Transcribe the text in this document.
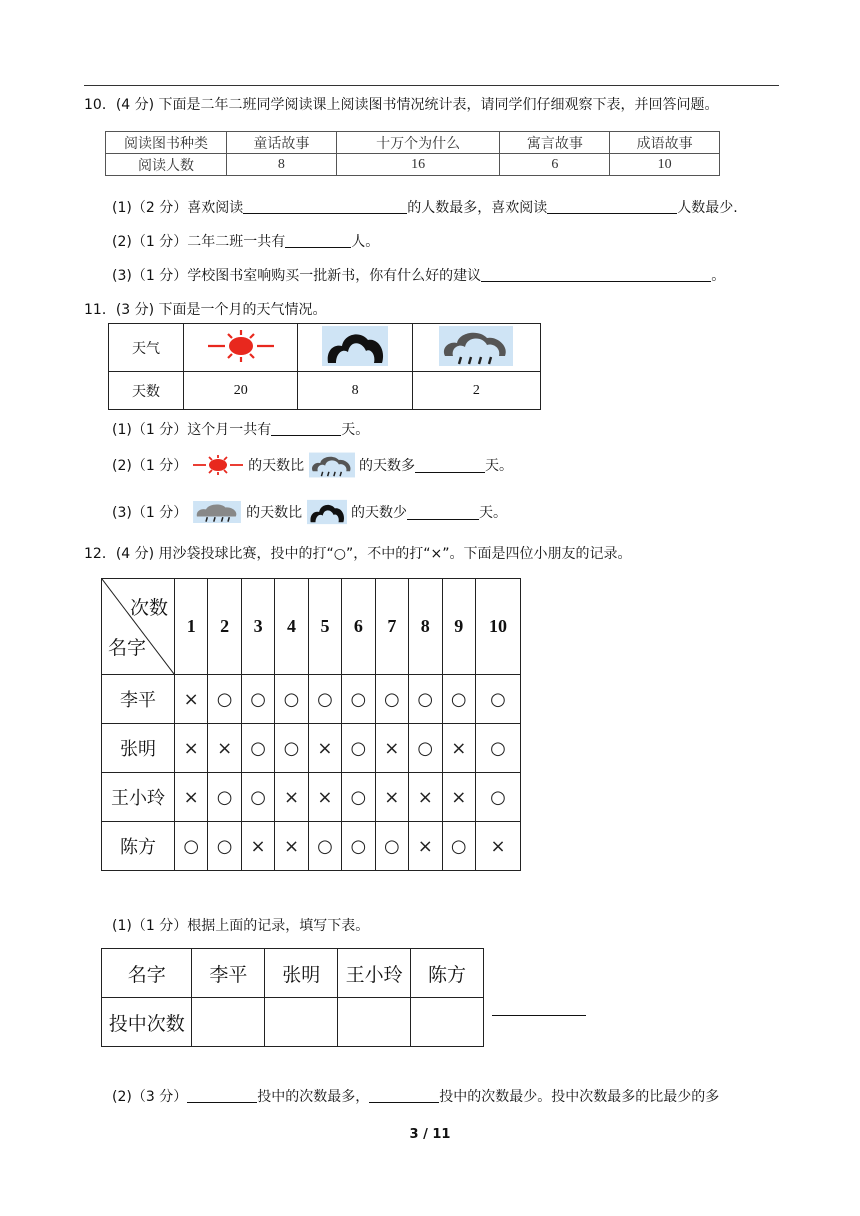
10．(4 分) 下面是二年二班同学阅读课上阅读图书情况统计表，请同学们仔细观察下表，并回答问题。
阅读图书种类	童话故事	十万个为什么	寓言故事	成语故事
阅读人数	8	16	6	10
(1)（2 分）喜欢阅读	的人数最多，喜欢阅读	人数最少.
(2)（1 分）二年二班一共有	人。
(3)（1 分）学校图书室响购买一批新书，你有什么好的建议	。
11．(3 分) 下面是一个月的天气情况。
天气			
天数	20	8	2
(1)（1 分）这个月一共有	天。
(2)（1 分）	的天数比	的天数多	天。
(3)（1 分）	的天数比	的天数少	天。
12．(4 分) 用沙袋投球比赛，投中的打“○”，不中的打“×”。下面是四位小朋友的记录。
次数
名字	1	2	3	4	5	6	7	8	9	10
李平	×	○	○	○	○	○	○	○	○	○
张明	×	×	○	○	×	○	×	○	×	○
王小玲	×	○	○	×	×	○	×	×	×	○
陈方	○	○	×	×	○	○	○	×	○	×
(1)（1 分）根据上面的记录，填写下表。
名字	李平	张明	王小玲	陈方
投中次数				
(2)（3 分）	投中的次数最多，	投中的次数最少。投中次数最多的比最少的多
3 / 11
